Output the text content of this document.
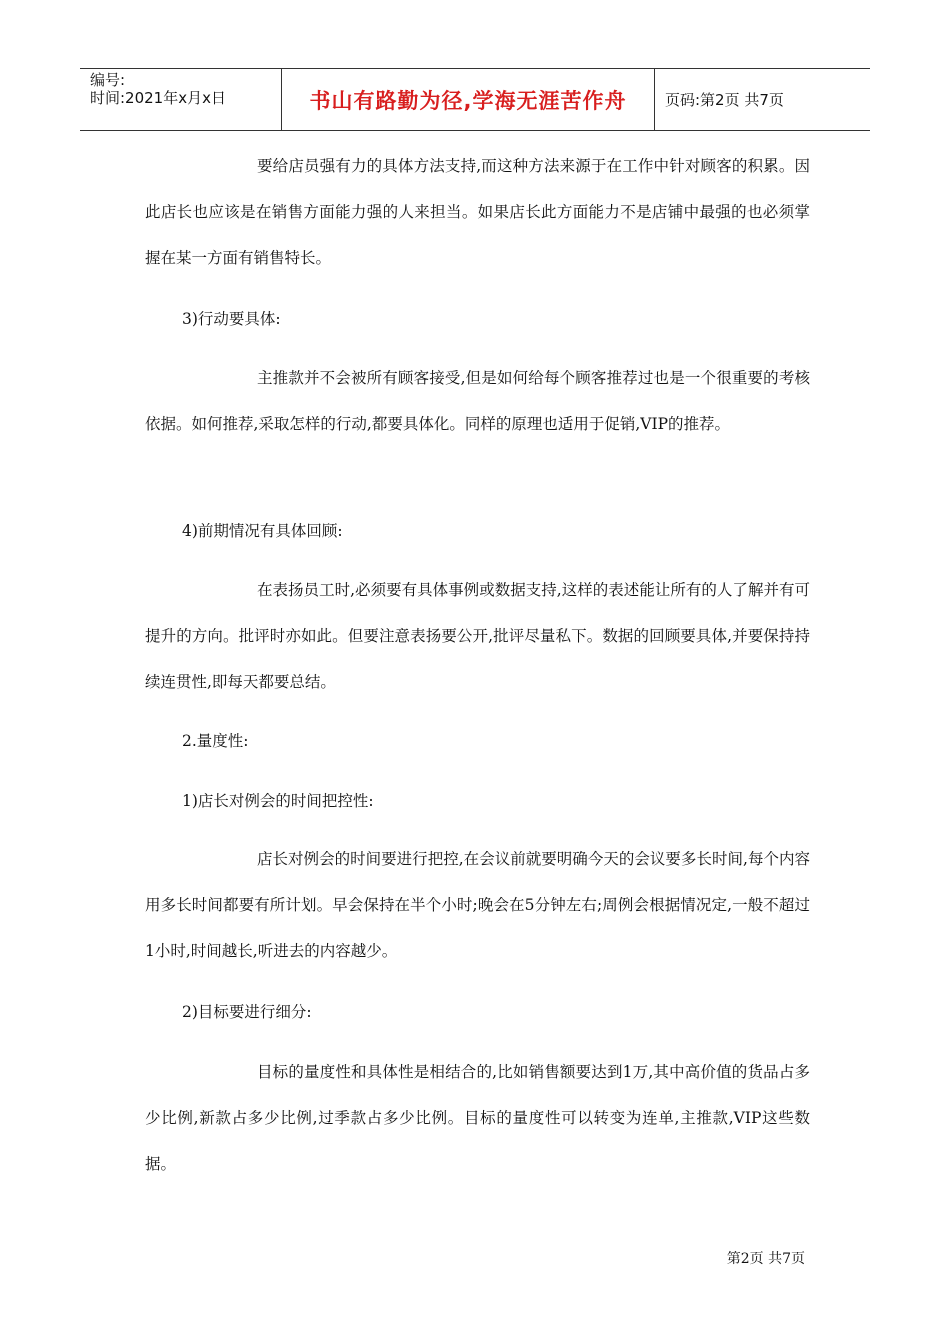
编号:
时间:2021年x月x日	书山有路勤为径,学海无涯苦作舟	页码:第2页 共7页

要给店员强有力的具体方法支持,而这种方法来源于在工作中针对顾客的积累。因此店长也应该是在销售方面能力强的人来担当。如果店长此方面能力不是店铺中最强的也必须掌握在某一方面有销售特长。

3)行动要具体:

主推款并不会被所有顾客接受,但是如何给每个顾客推荐过也是一个很重要的考核依据。如何推荐,采取怎样的行动,都要具体化。同样的原理也适用于促销,VIP的推荐。

4)前期情况有具体回顾:

在表扬员工时,必须要有具体事例或数据支持,这样的表述能让所有的人了解并有可提升的方向。批评时亦如此。但要注意表扬要公开,批评尽量私下。数据的回顾要具体,并要保持持续连贯性,即每天都要总结。

2.量度性:

1)店长对例会的时间把控性:

店长对例会的时间要进行把控,在会议前就要明确今天的会议要多长时间,每个内容用多长时间都要有所计划。早会保持在半个小时;晚会在5分钟左右;周例会根据情况定,一般不超过1小时,时间越长,听进去的内容越少。

2)目标要进行细分:

目标的量度性和具体性是相结合的,比如销售额要达到1万,其中高价值的货品占多少比例,新款占多少比例,过季款占多少比例。目标的量度性可以转变为连单,主推款,VIP这些数据。

第2页 共7页
